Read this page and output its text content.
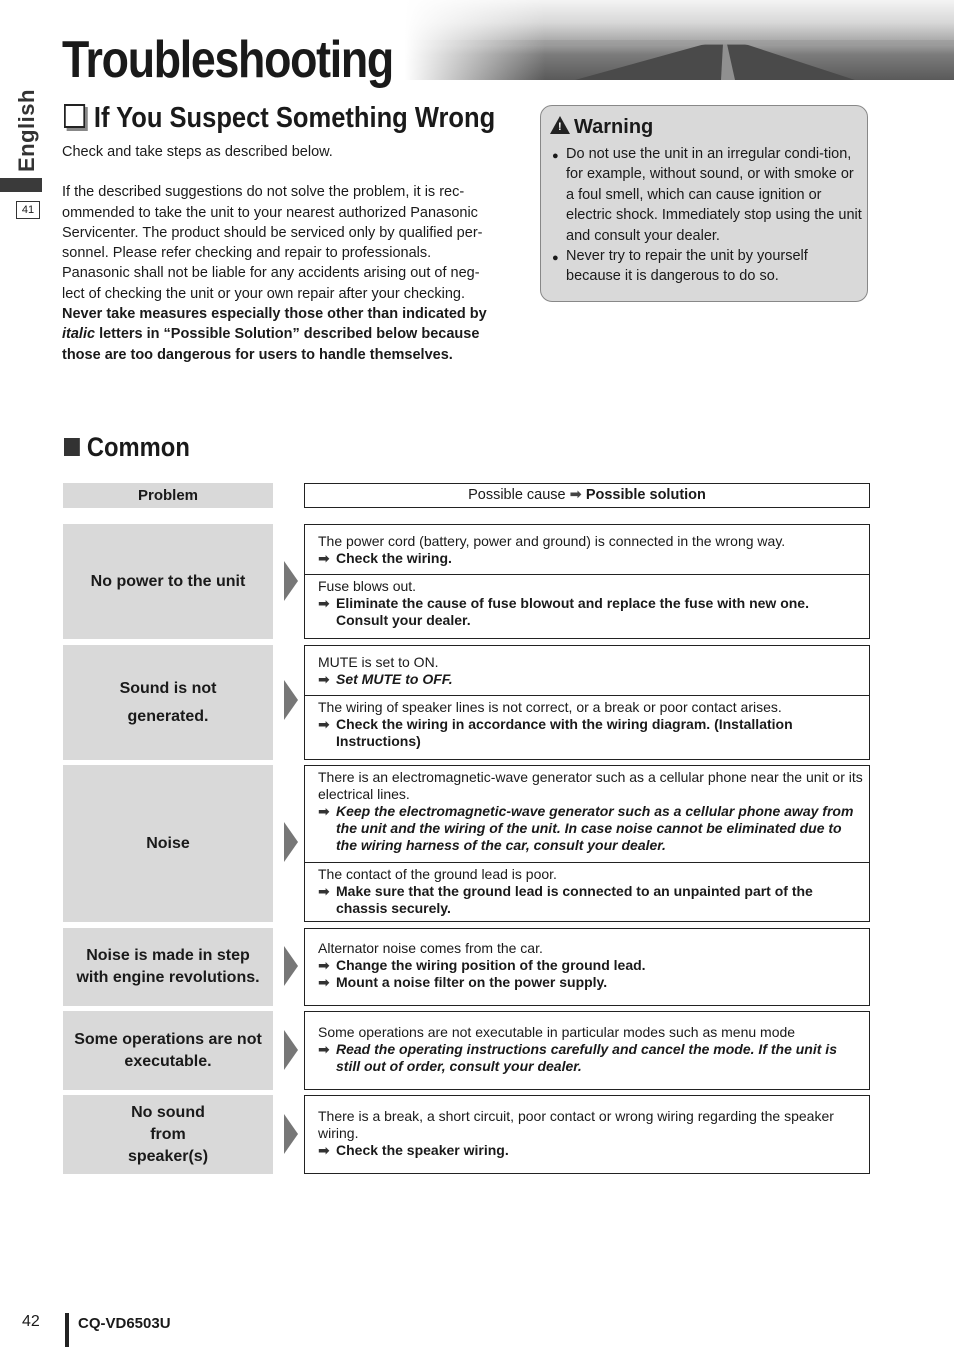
Troubleshooting
English
41
If You Suspect Something Wrong

Check and take steps as described below.

If the described suggestions do not solve the problem, it is rec-

ommended to take the unit to your nearest authorized Panasonic

Servicenter. The product should be serviced only by qualified per-

sonnel. Please refer checking and repair to professionals.

Panasonic shall not be liable for any accidents arising out of neg-

lect of checking the unit or your own repair after your checking.

Never take measures especially those other than indicated by

italic letters in “Possible Solution” described below because

those are too dangerous for users to handle themselves.

! Warning
● Do not use the unit in an irregular condi-tion, for example, without sound, or with smoke or a foul smell, which can cause ignition or electric shock. Immediately stop using the unit and consult your dealer.
● Never try to repair the unit by yourself because it is dangerous to do so.
Common
Problem	Possible cause ➡ Possible solution
No power to the unit
The power cord (battery, power and ground) is connected in the wrong way.
➡ Check the wiring.
Fuse blows out.
➡ Eliminate the cause of fuse blowout and replace the fuse with new one. Consult your dealer.
Sound is not generated.
MUTE is set to ON.
➡ Set MUTE to OFF.
The wiring of speaker lines is not correct, or a break or poor contact arises.
➡ Check the wiring in accordance with the wiring diagram. (Installation Instructions)
Noise
There is an electromagnetic-wave generator such as a cellular phone near the unit or its electrical lines.
➡ Keep the electromagnetic-wave generator such as a cellular phone away from the unit and the wiring of the unit. In case noise cannot be eliminated due to the wiring harness of the car, consult your dealer.
The contact of the ground lead is poor.
➡ Make sure that the ground lead is connected to an unpainted part of the chassis securely.
Noise is made in step with engine revolutions.
Alternator noise comes from the car.
➡ Change the wiring position of the ground lead.
➡ Mount a noise filter on the power supply.
Some operations are not executable.
Some operations are not executable in particular modes such as menu mode
➡ Read the operating instructions carefully and cancel the mode. If the unit is still out of order, consult your dealer.
No sound from speaker(s)
There is a break, a short circuit, poor contact or wrong wiring regarding the speaker wiring.
➡ Check the speaker wiring.
42	CQ-VD6503U
